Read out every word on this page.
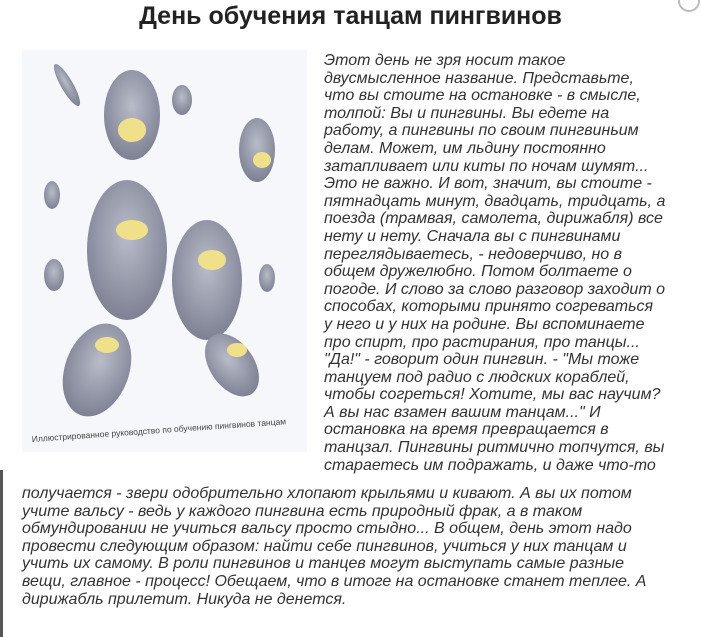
День обучения танцам пингвинов
Иллюстрированное руководство по обучению пингвинов танцам
Этот день не зря носит такое
двусмысленное название. Представьте,
что вы стоите на остановке - в смысле,
толпой: Вы и пингвины. Вы едете на
работу, а пингвины по своим пингвиньим
делам. Может, им льдину постоянно
затапливает или киты по ночам шумят...
Это не важно. И вот, значит, вы стоите -
пятнадцать минут, двадцать, тридцать, а
поезда (трамвая, самолета, дирижабля) все
нету и нету. Сначала вы с пингвинами
переглядываетесь, - недоверчиво, но в
общем дружелюбно. Потом болтаете о
погоде. И слово за слово разговор заходит о
способах, которыми принято согреваться
у него и у них на родине. Вы вспоминаете
про спирт, про растирания, про танцы...
"Да!" - говорит один пингвин. - "Мы тоже
танцуем под радио с людских кораблей,
чтобы согреться! Хотите, мы вас научим?
А вы нас взамен вашим танцам..." И
остановка на время превращается в
танцзал. Пингвины ритмично топчутся, вы
стараетесь им подражать, и даже что-то
получается - звери одобрительно хлопают крыльями и кивают. А вы их потом
учите вальсу - ведь у каждого пингвина есть природный фрак, а в таком
обмундировании не учиться вальсу просто стыдно... В общем, день этот надо
провести следующим образом: найти себе пингвинов, учиться у них танцам и
учить их самому. В роли пингвинов и танцев могут выступать самые разные
вещи, главное - процесс! Обещаем, что в итоге на остановке станет теплее. А
дирижабль прилетит. Никуда не денется.
